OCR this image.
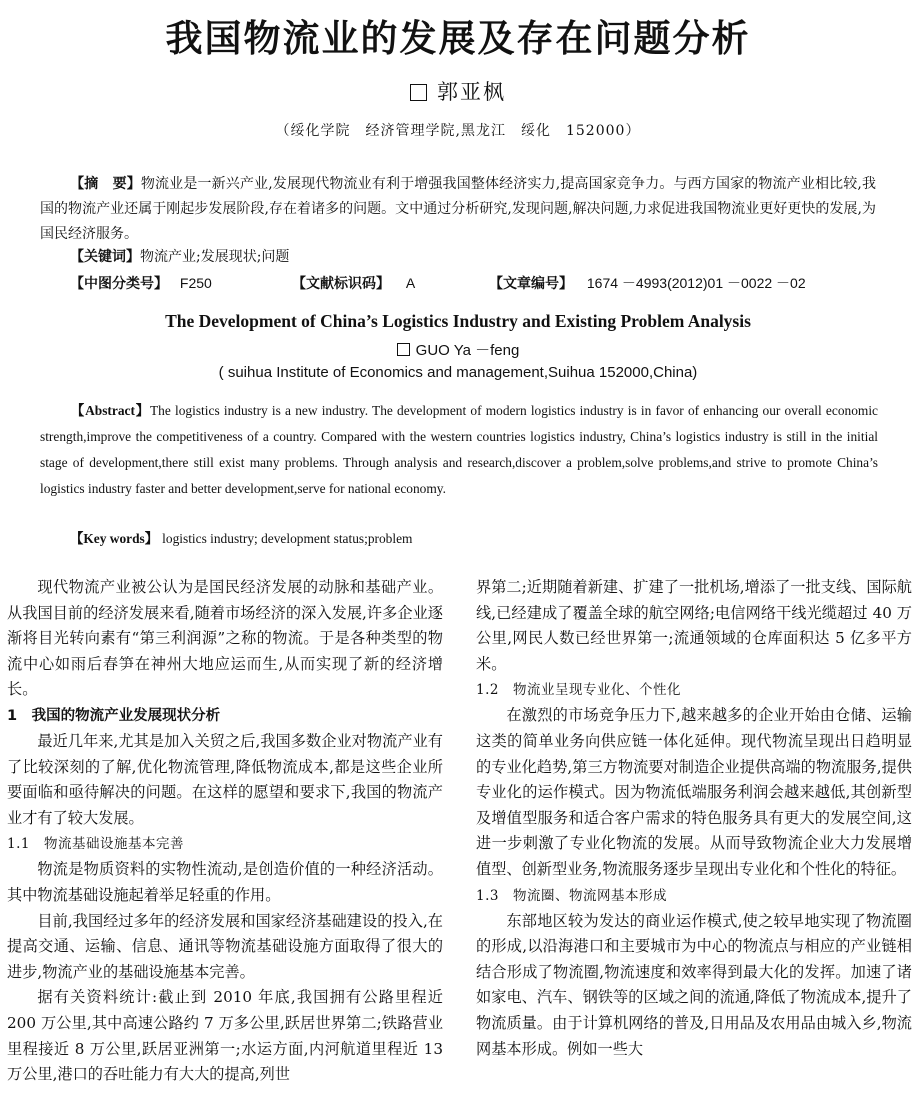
我国物流业的发展及存在问题分析
郭亚枫
（绥化学院　经济管理学院,黑龙江　绥化　152000）
【摘　要】物流业是一新兴产业,发展现代物流业有利于增强我国整体经济实力,提高国家竞争力。与西方国家的物流产业相比较,我国的物流产业还属于刚起步发展阶段,存在着诸多的问题。文中通过分析研究,发现问题,解决问题,力求促进我国物流业更好更快的发展,为国民经济服务。
【关键词】物流产业;发展现状;问题
【中图分类号】 F250	【文献标识码】 A	【文章编号】 1674 －4993(2012)01 －0022 －02
The Development of China’s Logistics Industry and Existing Problem Analysis
GUO Ya －feng
( suihua Institute of Economics and management,Suihua 152000,China)
【Abstract】The logistics industry is a new industry. The development of modern logistics industry is in favor of enhancing our overall economic strength,improve the competitiveness of a country. Compared with the western countries logistics industry, China’s logistics industry is still in the initial stage of development,there still exist many problems. Through analysis and research,discover a problem,solve problems,and strive to promote China’s logistics industry faster and better development,serve for national economy.
【Key words】 logistics industry; development status;problem

现代物流产业被公认为是国民经济发展的动脉和基础产业。从我国目前的经济发展来看,随着市场经济的深入发展,许多企业逐渐将目光转向素有“第三利润源”之称的物流。于是各种类型的物流中心如雨后春笋在神州大地应运而生,从而实现了新的经济增长。

1　我国的物流产业发展现状分析

最近几年来,尤其是加入关贸之后,我国多数企业对物流产业有了比较深刻的了解,优化物流管理,降低物流成本,都是这些企业所要面临和亟待解决的问题。在这样的愿望和要求下,我国的物流产业才有了较大发展。

1.1　物流基础设施基本完善

物流是物质资料的实物性流动,是创造价值的一种经济活动。其中物流基础设施起着举足轻重的作用。

目前,我国经过多年的经济发展和国家经济基础建设的投入,在提高交通、运输、信息、通讯等物流基础设施方面取得了很大的进步,物流产业的基础设施基本完善。

据有关资料统计:截止到 2010 年底,我国拥有公路里程近 200 万公里,其中高速公路约 7 万多公里,跃居世界第二;铁路营业里程接近 8 万公里,跃居亚洲第一;水运方面,内河航道里程近 13 万公里,港口的吞吐能力有大大的提高,列世

界第二;近期随着新建、扩建了一批机场,增添了一批支线、国际航线,已经建成了覆盖全球的航空网络;电信网络干线光缆超过 40 万公里,网民人数已经世界第一;流通领域的仓库面积达 5 亿多平方米。

1.2　物流业呈现专业化、个性化

在激烈的市场竞争压力下,越来越多的企业开始由仓储、运输这类的简单业务向供应链一体化延伸。现代物流呈现出日趋明显的专业化趋势,第三方物流要对制造企业提供高端的物流服务,提供专业化的运作模式。因为物流低端服务利润会越来越低,其创新型及增值型服务和适合客户需求的特色服务具有更大的发展空间,这进一步刺激了专业化物流的发展。从而导致物流企业大力发展增值型、创新型业务,物流服务逐步呈现出专业化和个性化的特征。

1.3　物流圈、物流网基本形成

东部地区较为发达的商业运作模式,使之较早地实现了物流圈的形成,以沿海港口和主要城市为中心的物流点与相应的产业链相结合形成了物流圈,物流速度和效率得到最大化的发挥。加速了诸如家电、汽车、钢铁等的区域之间的流通,降低了物流成本,提升了物流质量。由于计算机网络的普及,日用品及农用品由城入乡,物流网基本形成。例如一些大
